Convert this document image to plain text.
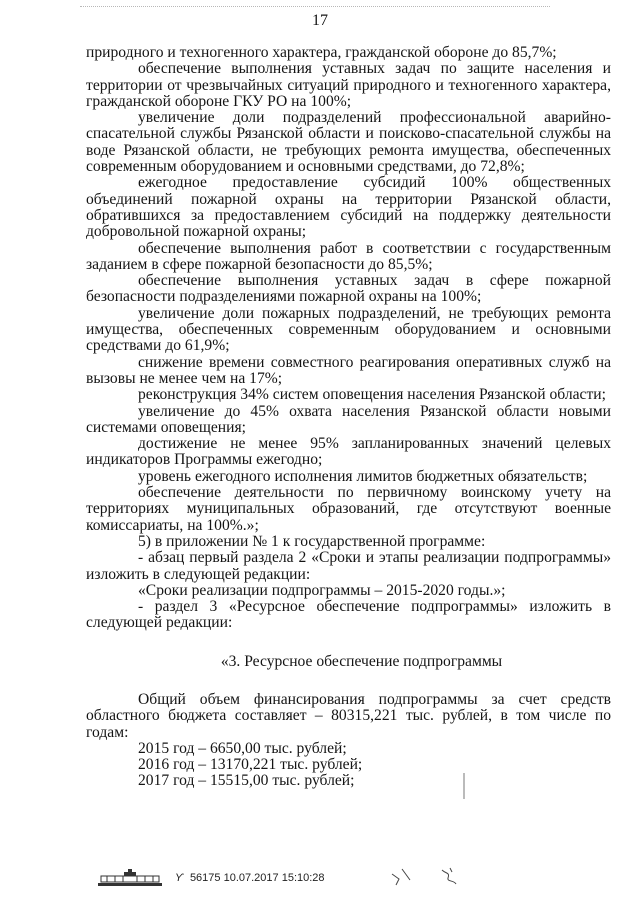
17

природного и техногенного характера, гражданской обороне до 85,7%;

обеспечение выполнения уставных задач по защите населения и территории от чрезвычайных ситуаций природного и техногенного характера, гражданской обороне ГКУ РО на 100%;

увеличение доли подразделений профессиональной аварийно-спасательной службы Рязанской области и поисково-спасательной службы на воде Рязанской области, не требующих ремонта имущества, обеспеченных современным оборудованием и основными средствами, до 72,8%;

ежегодное предоставление субсидий 100% общественных объединений пожарной охраны на территории Рязанской области, обратившихся за предоставлением субсидий на поддержку деятельности добровольной пожарной охраны;

обеспечение выполнения работ в соответствии с государственным заданием в сфере пожарной безопасности до 85,5%;

обеспечение выполнения уставных задач в сфере пожарной безопасности подразделениями пожарной охраны на 100%;

увеличение доли пожарных подразделений, не требующих ремонта имущества, обеспеченных современным оборудованием и основными средствами до 61,9%;

снижение времени совместного реагирования оперативных служб на вызовы не менее чем на 17%;

реконструкция 34% систем оповещения населения Рязанской области;

увеличение до 45% охвата населения Рязанской области новыми системами оповещения;

достижение не менее 95% запланированных значений целевых индикаторов Программы ежегодно;

уровень ежегодного исполнения лимитов бюджетных обязательств;

обеспечение деятельности по первичному воинскому учету на территориях муниципальных образований, где отсутствуют военные комиссариаты, на 100%.»;

5) в приложении № 1 к государственной программе:

- абзац первый раздела 2 «Сроки и этапы реализации подпрограммы» изложить в следующей редакции:

«Сроки реализации подпрограммы – 2015-2020 годы.»;

- раздел 3 «Ресурсное обеспечение подпрограммы» изложить в следующей редакции:

«3. Ресурсное обеспечение подпрограммы

Общий объем финансирования подпрограммы за счет средств областного бюджета составляет – 80315,221 тыс. рублей, в том числе по годам:

2015 год – 6650,00 тыс. рублей;

2016 год – 13170,221 тыс. рублей;

2017 год – 15515,00 тыс. рублей;

ϒ 56175 10.07.2017 15:10:28
